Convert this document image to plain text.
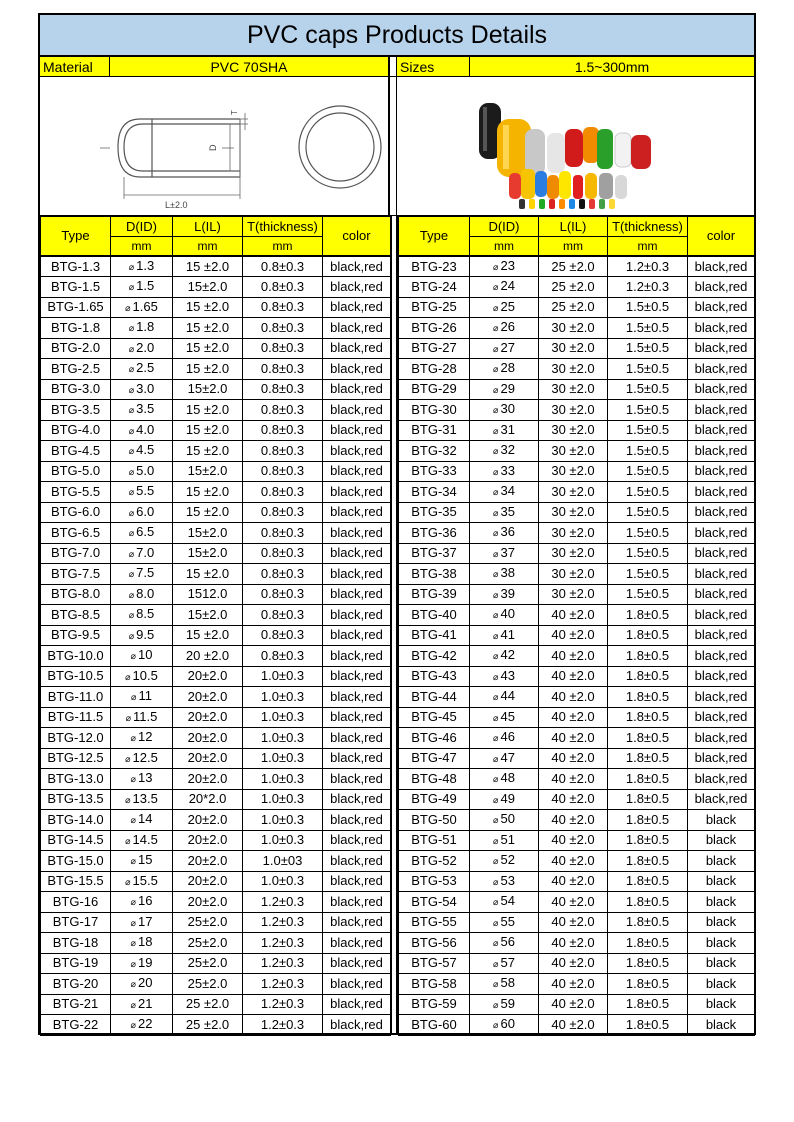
PVC caps Products Details
Material	PVC 70SHA	Sizes	1.5~300mm
D
T
L±2.0
Type	D(ID)	L(IL)	T(thickness)	color
	mm	mm	mm	
BTG-1.3	⌀ 1.3	15 ±2.0	0.8±0.3	black,red
BTG-1.5	⌀ 1.5	15±2.0	0.8±0.3	black,red
BTG-1.65	⌀ 1.65	15 ±2.0	0.8±0.3	black,red
BTG-1.8	⌀ 1.8	15 ±2.0	0.8±0.3	black,red
BTG-2.0	⌀ 2.0	15 ±2.0	0.8±0.3	black,red
BTG-2.5	⌀ 2.5	15 ±2.0	0.8±0.3	black,red
BTG-3.0	⌀ 3.0	15±2.0	0.8±0.3	black,red
BTG-3.5	⌀ 3.5	15 ±2.0	0.8±0.3	black,red
BTG-4.0	⌀ 4.0	15 ±2.0	0.8±0.3	black,red
BTG-4.5	⌀ 4.5	15 ±2.0	0.8±0.3	black,red
BTG-5.0	⌀ 5.0	15±2.0	0.8±0.3	black,red
BTG-5.5	⌀ 5.5	15 ±2.0	0.8±0.3	black,red
BTG-6.0	⌀ 6.0	15 ±2.0	0.8±0.3	black,red
BTG-6.5	⌀ 6.5	15±2.0	0.8±0.3	black,red
BTG-7.0	⌀ 7.0	15±2.0	0.8±0.3	black,red
BTG-7.5	⌀ 7.5	15 ±2.0	0.8±0.3	black,red
BTG-8.0	⌀ 8.0	1512.0	0.8±0.3	black,red
BTG-8.5	⌀ 8.5	15±2.0	0.8±0.3	black,red
BTG-9.5	⌀ 9.5	15 ±2.0	0.8±0.3	black,red
BTG-10.0	⌀ 10	20 ±2.0	0.8±0.3	black,red
BTG-10.5	⌀ 10.5	20±2.0	1.0±0.3	black,red
BTG-11.0	⌀ 11	20±2.0	1.0±0.3	black,red
BTG-11.5	⌀ 11.5	20±2.0	1.0±0.3	black,red
BTG-12.0	⌀ 12	20±2.0	1.0±0.3	black,red
BTG-12.5	⌀ 12.5	20±2.0	1.0±0.3	black,red
BTG-13.0	⌀ 13	20±2.0	1.0±0.3	black,red
BTG-13.5	⌀ 13.5	20*2.0	1.0±0.3	black,red
BTG-14.0	⌀ 14	20±2.0	1.0±0.3	black,red
BTG-14.5	⌀ 14.5	20±2.0	1.0±0.3	black,red
BTG-15.0	⌀ 15	20±2.0	1.0±03	black,red
BTG-15.5	⌀ 15.5	20±2.0	1.0±0.3	black,red
BTG-16	⌀ 16	20±2.0	1.2±0.3	black,red
BTG-17	⌀ 17	25±2.0	1.2±0.3	black,red
BTG-18	⌀ 18	25±2.0	1.2±0.3	black,red
BTG-19	⌀ 19	25±2.0	1.2±0.3	black,red
BTG-20	⌀ 20	25±2.0	1.2±0.3	black,red
BTG-21	⌀ 21	25 ±2.0	1.2±0.3	black,red
BTG-22	⌀ 22	25 ±2.0	1.2±0.3	black,red
Type	D(ID)	L(IL)	T(thickness)	color
	mm	mm	mm	
BTG-23	⌀ 23	25 ±2.0	1.2±0.3	black,red
BTG-24	⌀ 24	25 ±2.0	1.2±0.3	black,red
BTG-25	⌀ 25	25 ±2.0	1.5±0.5	black,red
BTG-26	⌀ 26	30 ±2.0	1.5±0.5	black,red
BTG-27	⌀ 27	30 ±2.0	1.5±0.5	black,red
BTG-28	⌀ 28	30 ±2.0	1.5±0.5	black,red
BTG-29	⌀ 29	30 ±2.0	1.5±0.5	black,red
BTG-30	⌀ 30	30 ±2.0	1.5±0.5	black,red
BTG-31	⌀ 31	30 ±2.0	1.5±0.5	black,red
BTG-32	⌀ 32	30 ±2.0	1.5±0.5	black,red
BTG-33	⌀ 33	30 ±2.0	1.5±0.5	black,red
BTG-34	⌀ 34	30 ±2.0	1.5±0.5	black,red
BTG-35	⌀ 35	30 ±2.0	1.5±0.5	black,red
BTG-36	⌀ 36	30 ±2.0	1.5±0.5	black,red
BTG-37	⌀ 37	30 ±2.0	1.5±0.5	black,red
BTG-38	⌀ 38	30 ±2.0	1.5±0.5	black,red
BTG-39	⌀ 39	30 ±2.0	1.5±0.5	black,red
BTG-40	⌀ 40	40 ±2.0	1.8±0.5	black,red
BTG-41	⌀ 41	40 ±2.0	1.8±0.5	black,red
BTG-42	⌀ 42	40 ±2.0	1.8±0.5	black,red
BTG-43	⌀ 43	40 ±2.0	1.8±0.5	black,red
BTG-44	⌀ 44	40 ±2.0	1.8±0.5	black,red
BTG-45	⌀ 45	40 ±2.0	1.8±0.5	black,red
BTG-46	⌀ 46	40 ±2.0	1.8±0.5	black,red
BTG-47	⌀ 47	40 ±2.0	1.8±0.5	black,red
BTG-48	⌀ 48	40 ±2.0	1.8±0.5	black,red
BTG-49	⌀ 49	40 ±2.0	1.8±0.5	black,red
BTG-50	⌀ 50	40 ±2.0	1.8±0.5	black
BTG-51	⌀ 51	40 ±2.0	1.8±0.5	black
BTG-52	⌀ 52	40 ±2.0	1.8±0.5	black
BTG-53	⌀ 53	40 ±2.0	1.8±0.5	black
BTG-54	⌀ 54	40 ±2.0	1.8±0.5	black
BTG-55	⌀ 55	40 ±2.0	1.8±0.5	black
BTG-56	⌀ 56	40 ±2.0	1.8±0.5	black
BTG-57	⌀ 57	40 ±2.0	1.8±0.5	black
BTG-58	⌀ 58	40 ±2.0	1.8±0.5	black
BTG-59	⌀ 59	40 ±2.0	1.8±0.5	black
BTG-60	⌀ 60	40 ±2.0	1.8±0.5	black
